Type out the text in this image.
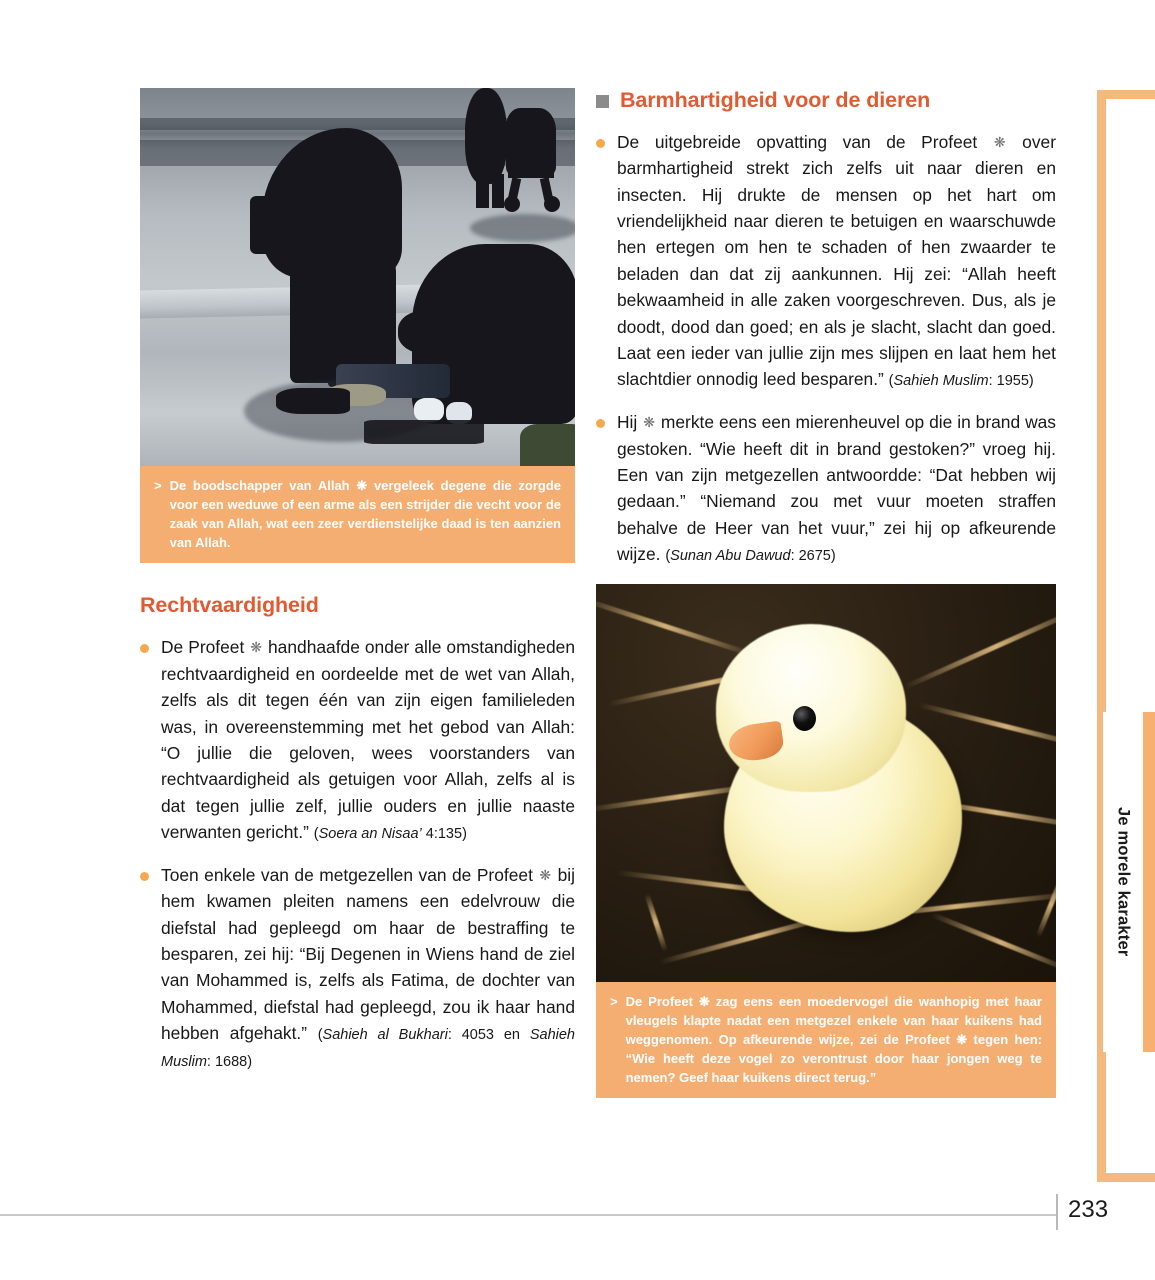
Je morele karakter
233
> De boodschapper van Allah ❋ vergeleek degene die zorgde voor een weduwe of een arme als een strijder die vecht voor de zaak van Allah, wat een zeer verdienstelijke daad is ten aanzien van Allah.
Rechtvaardigheid
De Profeet ❋ handhaafde onder alle omstandigheden rechtvaardigheid en oordeelde met de wet van Allah, zelfs als dit tegen één van zijn eigen familieleden was, in overeenstemming met het gebod van Allah: “O jullie die geloven, wees voorstanders van rechtvaardigheid als getuigen voor Allah, zelfs al is dat tegen jullie zelf, jullie ouders en jullie naaste verwanten gericht.” (Soera an Nisaa’ 4:135)
Toen enkele van de metgezellen van de Profeet ❋ bij hem kwamen pleiten namens een edelvrouw die diefstal had gepleegd om haar de bestraffing te besparen, zei hij: “Bij Degenen in Wiens hand de ziel van Mohammed is, zelfs als Fatima, de dochter van Mohammed, diefstal had gepleegd, zou ik haar hand hebben afgehakt.” (Sahieh al Bukhari: 4053 en Sahieh Muslim: 1688)
Barmhartigheid voor de dieren
De uitgebreide opvatting van de Profeet ❋ over barmhartigheid strekt zich zelfs uit naar dieren en insecten. Hij drukte de mensen op het hart om vriendelijkheid naar dieren te betuigen en waarschuwde hen ertegen om hen te schaden of hen zwaarder te beladen dan dat zij aankunnen. Hij zei: “Allah heeft bekwaamheid in alle zaken voorgeschreven. Dus, als je doodt, dood dan goed; en als je slacht, slacht dan goed. Laat een ieder van jullie zijn mes slijpen en laat hem het slachtdier onnodig leed besparen.” (Sahieh Muslim: 1955)
Hij ❋ merkte eens een mierenheuvel op die in brand was gestoken. “Wie heeft dit in brand gestoken?” vroeg hij. Een van zijn metgezellen antwoordde: “Dat hebben wij gedaan.” “Niemand zou met vuur moeten straffen behalve de Heer van het vuur,” zei hij op afkeurende wijze. (Sunan Abu Dawud: 2675)
> De Profeet ❋ zag eens een moedervogel die wanhopig met haar vleugels klapte nadat een metgezel enkele van haar kuikens had weggenomen. Op afkeurende wijze, zei de Profeet ❋ tegen hen: “Wie heeft deze vogel zo verontrust door haar jongen weg te nemen? Geef haar kuikens direct terug.”
